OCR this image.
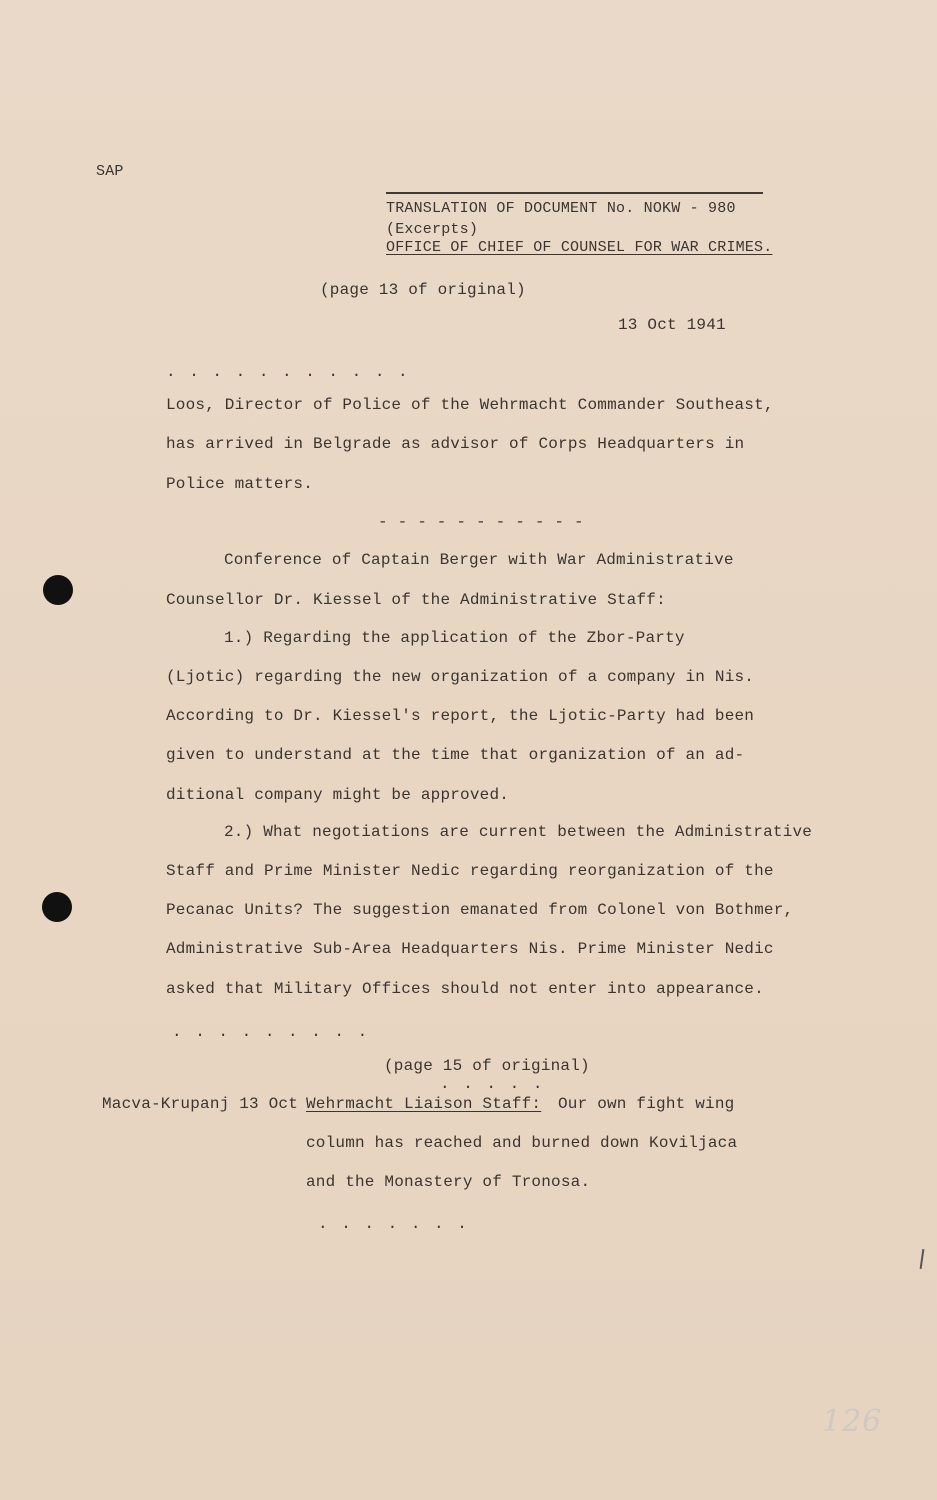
SAP
TRANSLATION OF DOCUMENT No. NOKW - 980
(Excerpts)
OFFICE OF CHIEF OF COUNSEL FOR WAR CRIMES.
(page 13 of original)
13 Oct 1941
. . . . . . . . . . .
Loos, Director of Police of the Wehrmacht Commander Southeast,
has arrived in Belgrade as advisor of Corps Headquarters in
Police matters.
- - - - - - - - - - -
Conference of Captain Berger with War Administrative
Counsellor Dr. Kiessel of the Administrative Staff:
1.) Regarding the application of the Zbor-Party
(Ljotic) regarding the new organization of a company in Nis.
According to Dr. Kiessel's report, the Ljotic-Party had been
given to understand at the time that organization of an ad-
ditional company might be approved.
2.) What negotiations are current between the Administrative
Staff and Prime Minister Nedic regarding reorganization of the
Pecanac Units? The suggestion emanated from Colonel von Bothmer,
Administrative Sub-Area Headquarters Nis. Prime Minister Nedic
asked that Military Offices should not enter into appearance.
. . . . . . . . .
(page 15 of original)
. . . . .
Macva-Krupanj 13 Oct Wehrmacht Liaison Staff: Our own fight wing
column has reached and burned down Koviljaca
and the Monastery of Tronosa.
. . . . . . .
126
